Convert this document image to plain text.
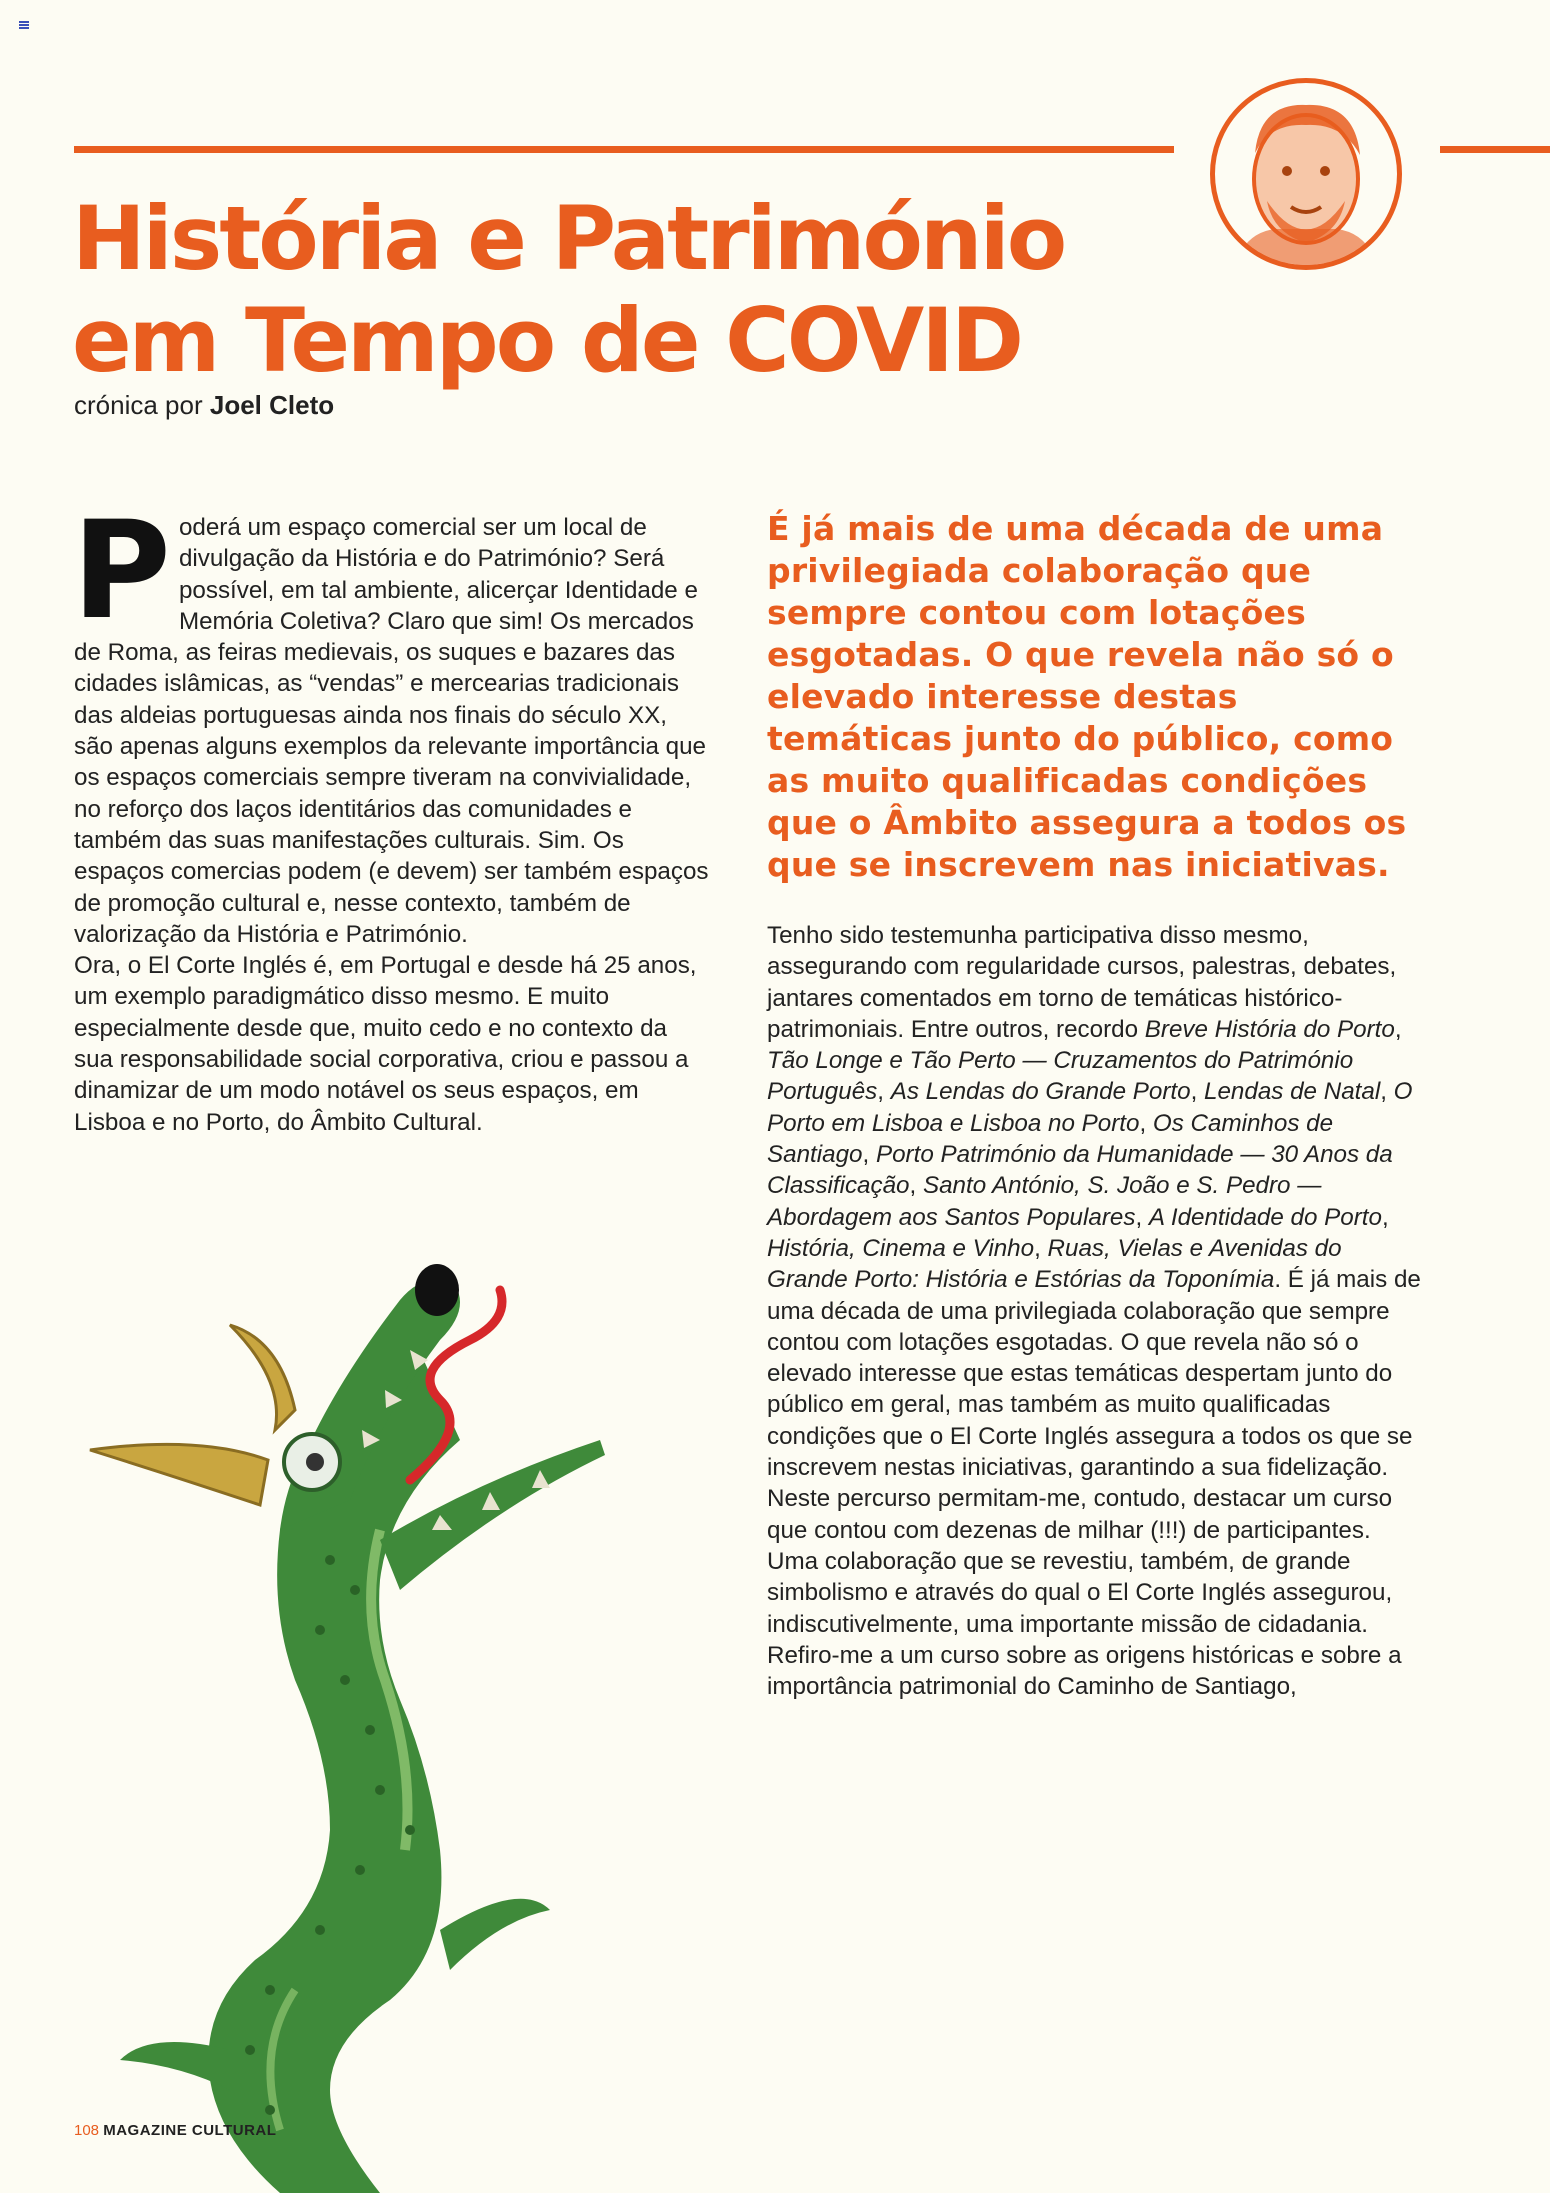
História e Património
em Tempo de COVID
crónica por Joel Cleto

Poderá um espaço comercial ser um local de divulgação da História e do Património? Será possível, em tal ambiente, alicerçar Identidade e Memória Coletiva? Claro que sim! Os mercados de Roma, as feiras medievais, os suques e bazares das cidades islâmicas, as “vendas” e mercearias tradicionais das aldeias portuguesas ainda nos finais do século XX, são apenas alguns exemplos da relevante importância que os espaços comerciais sempre tiveram na convivialidade, no reforço dos laços identitários das comunidades e também das suas manifestações culturais. Sim. Os espaços comercias podem (e devem) ser também espaços de promoção cultural e, nesse contexto, também de valorização da História e Património.

Ora, o El Corte Inglés é, em Portugal e desde há 25 anos, um exemplo paradigmático disso mesmo. E muito especialmente desde que, muito cedo e no contexto da sua responsabilidade social corporativa, criou e passou a dinamizar de um modo notável os seus espaços, em Lisboa e no Porto, do Âmbito Cultural.

É já mais de uma década de uma privilegiada colaboração que sempre contou com lotações esgotadas. O que revela não só o elevado interesse destas temáticas junto do público, como as muito qualificadas condições que o Âmbito assegura a todos os que se inscrevem nas iniciativas.

Tenho sido testemunha participativa disso mesmo, assegurando com regularidade cursos, palestras, debates, jantares comentados em torno de temáticas histórico-patrimoniais. Entre outros, recordo Breve História do Porto, Tão Longe e Tão Perto — Cruzamentos do Património Português, As Lendas do Grande Porto, Lendas de Natal, O Porto em Lisboa e Lisboa no Porto, Os Caminhos de Santiago, Porto Património da Humanidade — 30 Anos da Classificação, Santo António, S. João e S. Pedro — Abordagem aos Santos Populares, A Identidade do Porto, História, Cinema e Vinho, Ruas, Vielas e Avenidas do Grande Porto: História e Estórias da Toponímia. É já mais de uma década de uma privilegiada colaboração que sempre contou com lotações esgotadas. O que revela não só o elevado interesse que estas temáticas despertam junto do público em geral, mas também as muito qualificadas condições que o El Corte Inglés assegura a todos os que se inscrevem nestas iniciativas, garantindo a sua fidelização.

Neste percurso permitam-me, contudo, destacar um curso que contou com dezenas de milhar (!!!) de participantes. Uma colaboração que se revestiu, também, de grande simbolismo e através do qual o El Corte Inglés assegurou, indiscutivelmente, uma importante missão de cidadania. Refiro-me a um curso sobre as origens históricas e sobre a importância patrimonial do Caminho de Santiago,

108 MAGAZINE CULTURAL
